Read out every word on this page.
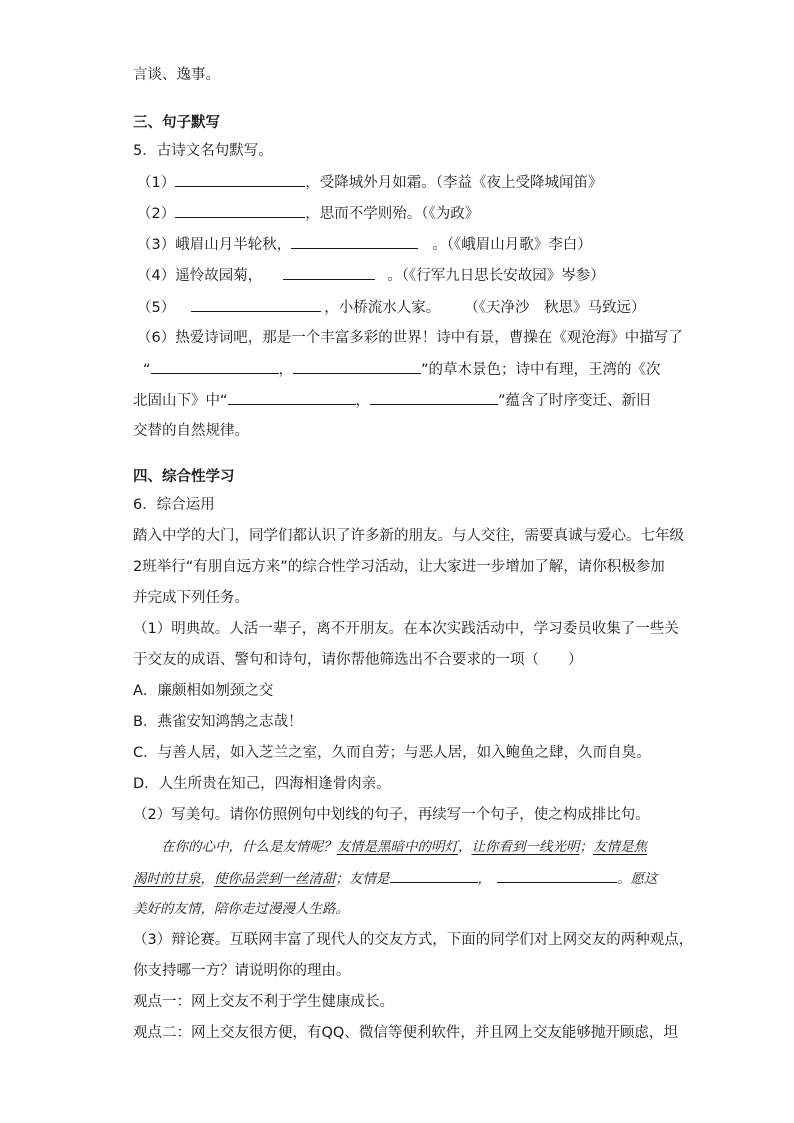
言谈、逸事。
三、句子默写
5．古诗文名句默写。
（1）	，受降城外月如霜。（李益《夜上受降城闻笛》
（2）	，思而不学则殆。（《为政》
（3）峨眉山月半轮秋，	。（《峨眉山月歌》李白）
（4）遥怜故园菊，	。（《行军九日思长安故园》岑参）
（5）	，小桥流水人家。 （《天净沙　秋思》马致远）
（6）热爱诗词吧，那是一个丰富多彩的世界！诗中有景，曹操在《观沧海》中描写了
“	，	”的草木景色；诗中有理，王湾的《次
北固山下》中“	，	”蕴含了时序变迁、新旧
交替的自然规律。
四、综合性学习
6．综合运用
踏入中学的大门，同学们都认识了许多新的朋友。与人交往，需要真诚与爱心。七年级
2班举行“有朋自远方来”的综合性学习活动，让大家进一步增加了解，请你积极参加
并完成下列任务。
（1）明典故。人活一辈子，离不开朋友。在本次实践活动中，学习委员收集了一些关
于交友的成语、警句和诗句，请你帮他筛选出不合要求的一项（　　）
A．廉颇相如刎颈之交
B．燕雀安知鸿鹄之志哉！
C．与善人居，如入芝兰之室，久而自芳；与恶人居，如入鲍鱼之肆，久而自臭。
D．人生所贵在知己，四海相逢骨肉亲。
（2）写美句。请你仿照例句中划线的句子，再续写一个句子，使之构成排比句。
在你的心中，什么是友情呢？友情是黑暗中的明灯，让你看到一线光明；友情是焦
渴时的甘泉，使你品尝到一丝清甜；友情是	，	。愿这
美好的友情，陪你走过漫漫人生路。
（3）辩论赛。互联网丰富了现代人的交友方式，下面的同学们对上网交友的两种观点，
你支持哪一方？请说明你的理由。
观点一：网上交友不利于学生健康成长。
观点二：网上交友很方便，有QQ、微信等便利软件，并且网上交友能够抛开顾虑，坦
